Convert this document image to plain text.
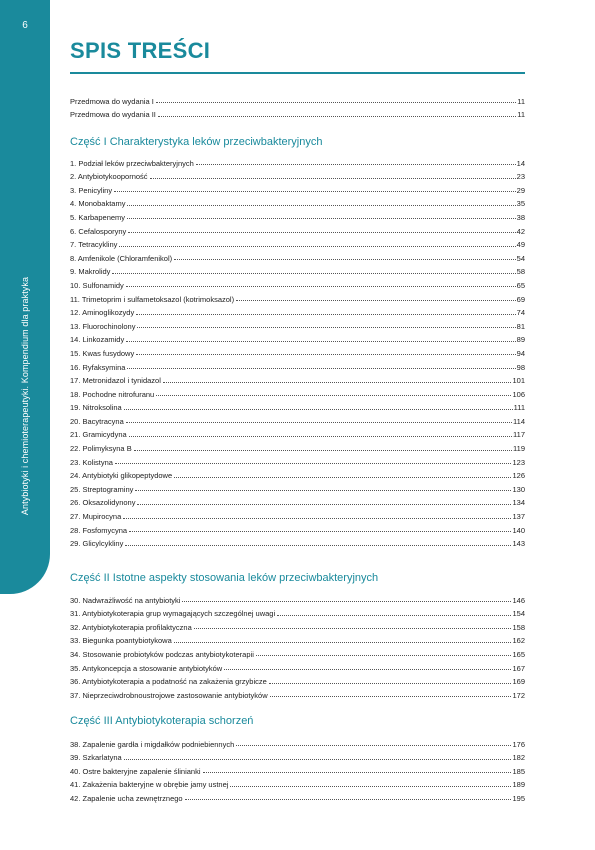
6
Antybiotyki i chemioterapeutyki. Kompendium dla praktyka
SPIS TREŚCI
Przedmowa do wydania I	11
Przedmowa do wydania II	11
Część I Charakterystyka leków przeciwbakteryjnych
1. Podział leków przeciwbakteryjnych	14
2. Antybiotykooporność	23
3. Penicyliny	29
4. Monobaktamy	35
5. Karbapenemy	38
6. Cefalosporyny	42
7. Tetracykliny	49
8. Amfenikole (Chloramfenikol)	54
9. Makrolidy	58
10. Sulfonamidy	65
11. Trimetoprim i sulfametoksazol (kotrimoksazol)	69
12. Aminoglikozydy	74
13. Fluorochinolony	81
14. Linkozamidy	89
15. Kwas fusydowy	94
16. Ryfaksymina	98
17. Metronidazol i tynidazol	101
18. Pochodne nitrofuranu	106
19. Nitroksolina	111
20. Bacytracyna	114
21. Gramicydyna	117
22. Polimyksyna B	119
23. Kolistyna	123
24. Antybiotyki glikopeptydowe	126
25. Streptograminy	130
26. Oksazolidynony	134
27. Mupirocyna	137
28. Fosfomycyna	140
29. Glicylcykliny	143
Część II Istotne aspekty stosowania leków przeciwbakteryjnych
30. Nadwrażliwość na antybiotyki	146
31. Antybiotykoterapia grup wymagających szczególnej uwagi	154
32. Antybiotykoterapia profilaktyczna	158
33. Biegunka poantybiotykowa	162
34. Stosowanie probiotyków podczas antybiotykoterapii	165
35. Antykoncepcja a stosowanie antybiotyków	167
36. Antybiotykoterapia a podatność na zakażenia grzybicze	169
37. Nieprzeciwdrobnoustrojowe zastosowanie antybiotyków	172
Część III Antybiotykoterapia schorzeń
38. Zapalenie gardła i migdałków podniebiennych	176
39. Szkarlatyna	182
40. Ostre bakteryjne zapalenie ślinianki	185
41. Zakażenia bakteryjne w obrębie jamy ustnej	189
42. Zapalenie ucha zewnętrznego	195
